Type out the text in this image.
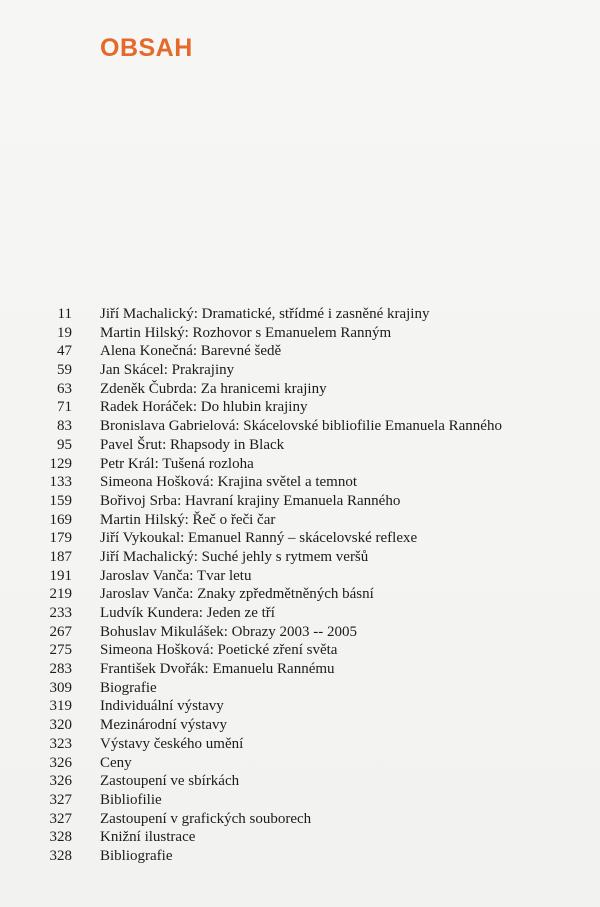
OBSAH
11 Jiří Machalický: Dramatické, střídmé i zasněné krajiny
19 Martin Hilský: Rozhovor s Emanuelem Ranným
47 Alena Konečná: Barevné šedě
59 Jan Skácel: Prakrajiny
63 Zdeněk Čubrda: Za hranicemi krajiny
71 Radek Horáček: Do hlubin krajiny
83 Bronislava Gabrielová: Skácelovské bibliofilie Emanuela Ranného
95 Pavel Šrut: Rhapsody in Black
129 Petr Král: Tušená rozloha
133 Simeona Hošková: Krajina světel a temnot
159 Bořivoj Srba: Havraní krajiny Emanuela Ranného
169 Martin Hilský: Řeč o řeči čar
179 Jiří Vykoukal: Emanuel Ranný – skácelovské reflexe
187 Jiří Machalický: Suché jehly s rytmem veršů
191 Jaroslav Vanča: Tvar letu
219 Jaroslav Vanča: Znaky zpředmětněných básní
233 Ludvík Kundera: Jeden ze tří
267 Bohuslav Mikulášek: Obrazy 2003 -- 2005
275 Simeona Hošková: Poetické zření světa
283 František Dvořák: Emanuelu Rannému
309 Biografie
319 Individuální výstavy
320 Mezinárodní výstavy
323 Výstavy českého umění
326 Ceny
326 Zastoupení ve sbírkách
327 Bibliofilie
327 Zastoupení v grafických souborech
328 Knižní ilustrace
328 Bibliografie
